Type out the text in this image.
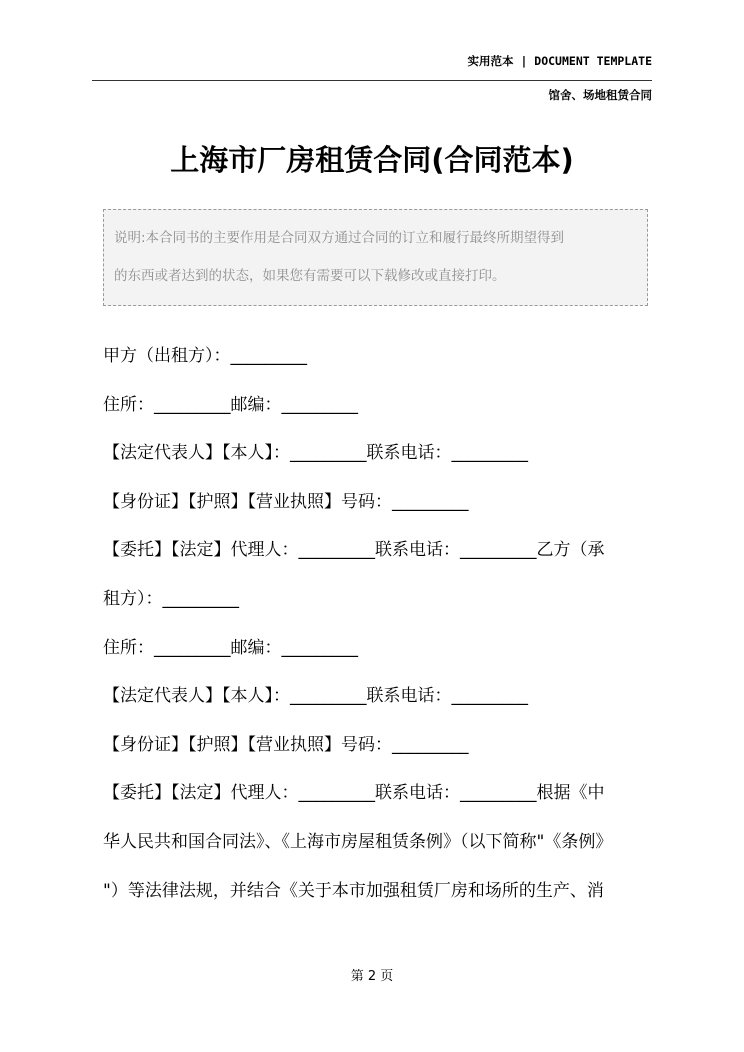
实用范本 | DOCUMENT TEMPLATE
馆舍、场地租赁合同
上海市厂房租赁合同(合同范本)
说明:本合同书的主要作用是合同双方通过合同的订立和履行最终所期望得到
的东西或者达到的状态，如果您有需要可以下载修改或直接打印。

甲方（出租方）：_________

住所：_________邮编：_________

【法定代表人】【本人】：_________联系电话：_________

【身份证】【护照】【营业执照】号码：_________

【委托】【法定】代理人：_________联系电话：_________乙方（承

租方）：_________

住所：_________邮编：_________

【法定代表人】【本人】：_________联系电话：_________

【身份证】【护照】【营业执照】号码：_________

【委托】【法定】代理人：_________联系电话：_________根据《中

华人民共和国合同法》、《上海市房屋租赁条例》（以下简称"《条例》

"）等法律法规，并结合《关于本市加强租赁厂房和场所的生产、消

第 2 页
